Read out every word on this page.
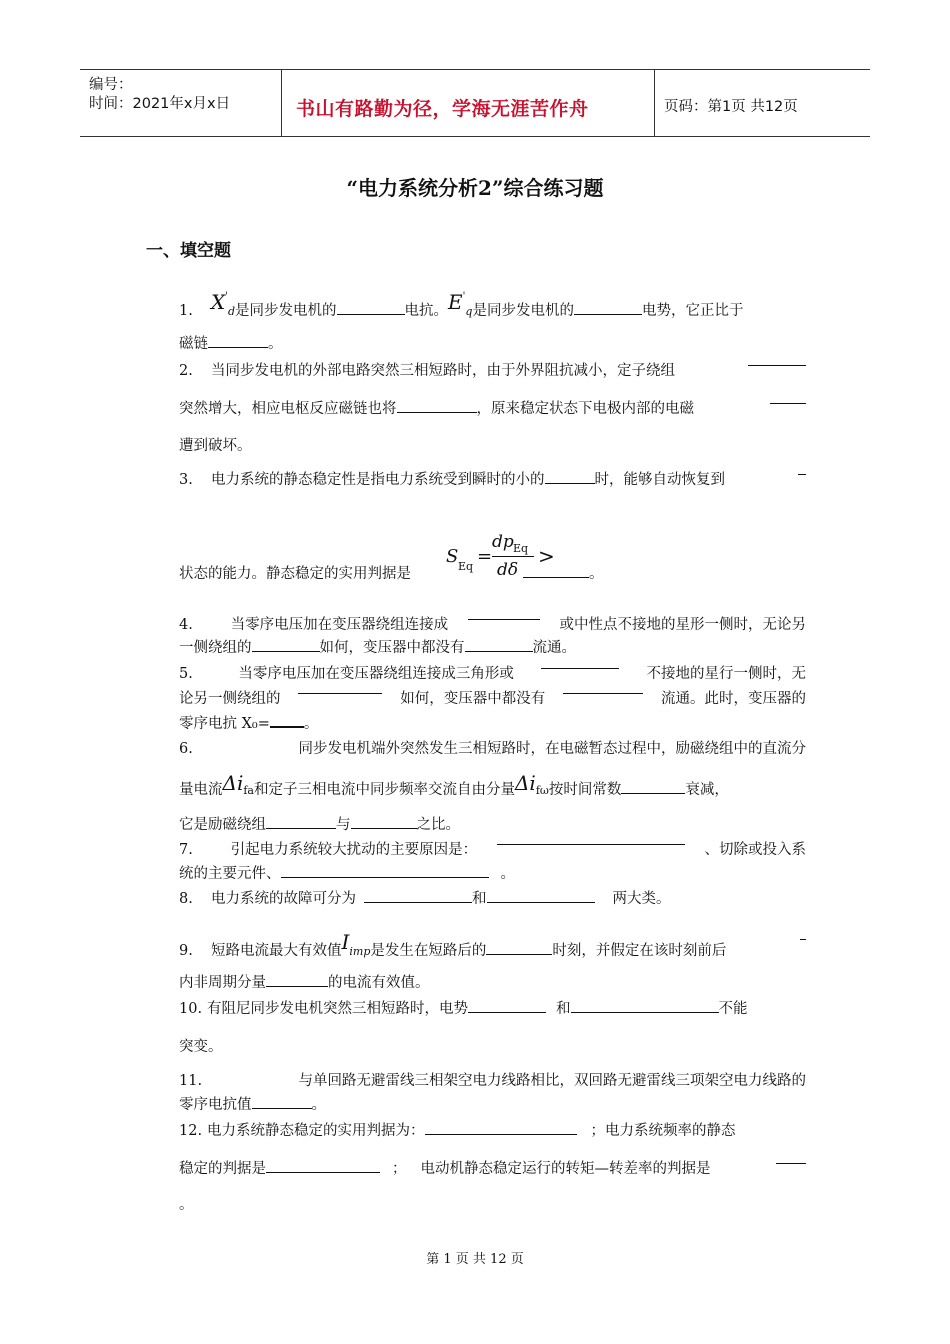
编号：
时间：2021年x月x日	书山有路勤为径，学海无涯苦作舟	页码：第1页 共12页
“电力系统分析2”综合练习题
一、填空题
1. X'd是同步发电机的	电抗。E'q是同步发电机的	电势，它正比于
磁链	。
2. 当同步发电机的外部电路突然三相短路时，由于外界阻抗减小，定子绕组
突然增大，相应电枢反应磁链也将	，原来稳定状态下电极内部的电磁
遭到破坏。
3. 电力系统的静态稳定性是指电力系统受到瞬时的小的	时，能够自动恢复到
S Eq =
dp Eq
dδ
>
状态的能力。静态稳定的实用判据是	。
4.	当零序电压加在变压器绕组连接成	或中性点不接地的星形一侧时，无论另
一侧绕组的	如何，变压器中都没有	流通。
5.	当零序电压加在变压器绕组连接成三角形或	不接地的星行一侧时，无
论另一侧绕组的	如何，变压器中都没有	流通。此时，变压器的
零序电抗 X₀= 。
6.	同步发电机端外突然发生三相短路时，在电磁暂态过程中，励磁绕组中的直流分
量电流Δifa和定子三相电流中同步频率交流自由分量Δifω按时间常数	衰减，
它是励磁绕组	与	之比。
7.	引起电力系统较大扰动的主要原因是：	、切除或投入系
统的主要元件、	。
8. 电力系统的故障可分为	和	两大类。
9. 短路电流最大有效值Iimp是发生在短路后的	时刻，并假定在该时刻前后
内非周期分量	的电流有效值。
10. 有阻尼同步发电机突然三相短路时，电势	和	不能
突变。
11.	与单回路无避雷线三相架空电力线路相比，双回路无避雷线三项架空电力线路的
零序电抗值	。
12. 电力系统静态稳定的实用判据为：	；电力系统频率的静态
稳定的判据是	； 电动机静态稳定运行的转矩—转差率的判据是
。
第 1 页 共 12 页
